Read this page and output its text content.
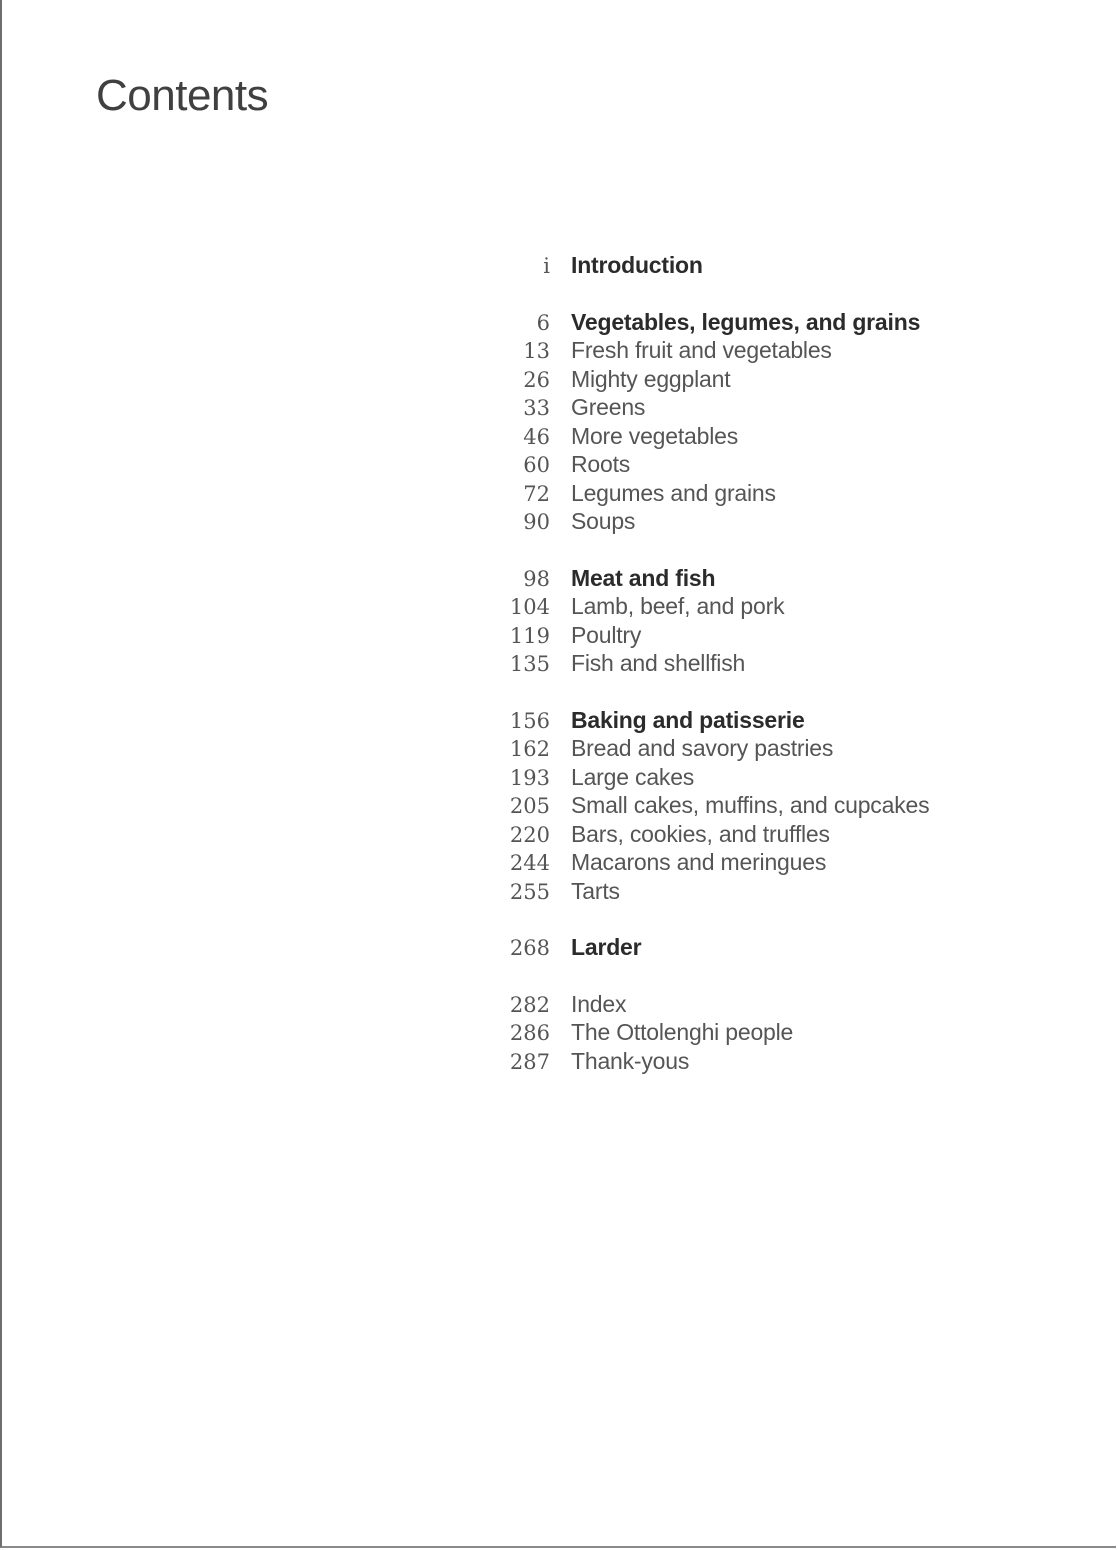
Contents
i Introduction
6 Vegetables, legumes, and grains
13 Fresh fruit and vegetables
26 Mighty eggplant
33 Greens
46 More vegetables
60 Roots
72 Legumes and grains
90 Soups
98 Meat and fish
104 Lamb, beef, and pork
119 Poultry
135 Fish and shellfish
156 Baking and patisserie
162 Bread and savory pastries
193 Large cakes
205 Small cakes, muffins, and cupcakes
220 Bars, cookies, and truffles
244 Macarons and meringues
255 Tarts
268 Larder
282 Index
286 The Ottolenghi people
287 Thank-yous
